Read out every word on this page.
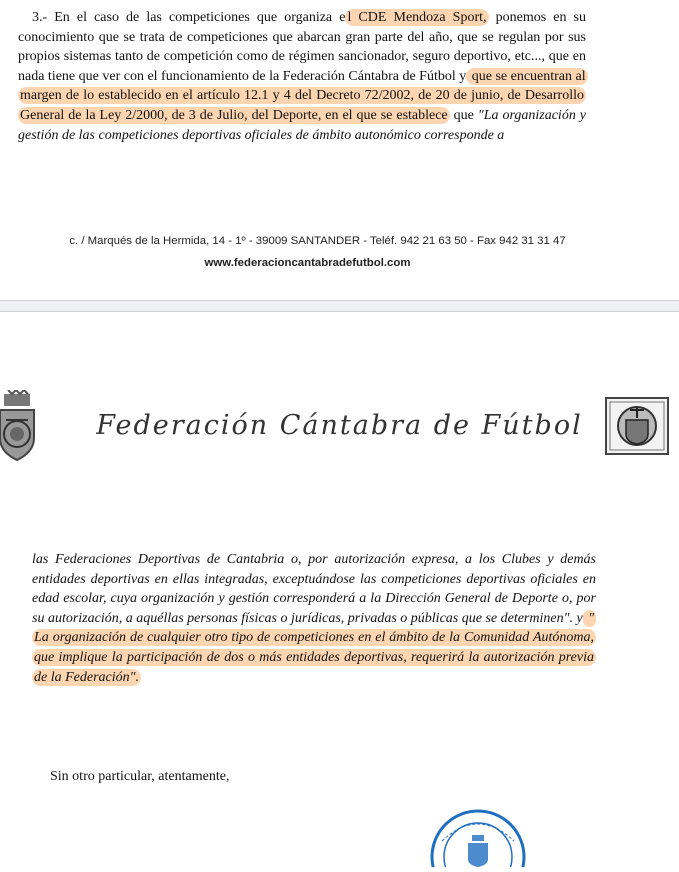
3.- En el caso de las competiciones que organiza e l CDE Mendoza Sport, ponemos en su conocimiento que se trata de competiciones que abarcan gran parte del año, que se regulan por sus propios sistemas tanto de competición como de régimen sancionador, seguro deportivo, etc..., que en nada tiene que ver con el funcionamiento de la Federación Cántabra de Fútbol y que se encuentran al margen de lo establecido en el artículo 12.1 y 4 del Decreto 72/2002, de 20 de junio, de Desarrollo General de la Ley 2/2000, de 3 de Julio, del Deporte, en el que se establece que "La organización y gestión de las competiciones deportivas oficiales de ámbito autonómico corresponde a

c. / Marqués de la Hermida, 14 - 1º - 39009 SANTANDER - Teléf. 942 21 63 50 - Fax 942 31 31 47
www.federacioncantabradefutbol.com
Federación Cántabra de Fútbol

las Federaciones Deportivas de Cantabria o, por autorización expresa, a los Clubes y demás entidades deportivas en ellas integradas, exceptuándose las competiciones deportivas oficiales en edad escolar, cuya organización y gestión corresponderá a la Dirección General de Deporte o, por su autorización, a aquéllas personas físicas o jurídicas, privadas o públicas que se determinen". y " La organización de cualquier otro tipo de competiciones en el ámbito de la Comunidad Autónoma, que implique la participación de dos o más entidades deportivas, requerirá la autorización previa de la Federación".

Sin otro particular, atentamente,
